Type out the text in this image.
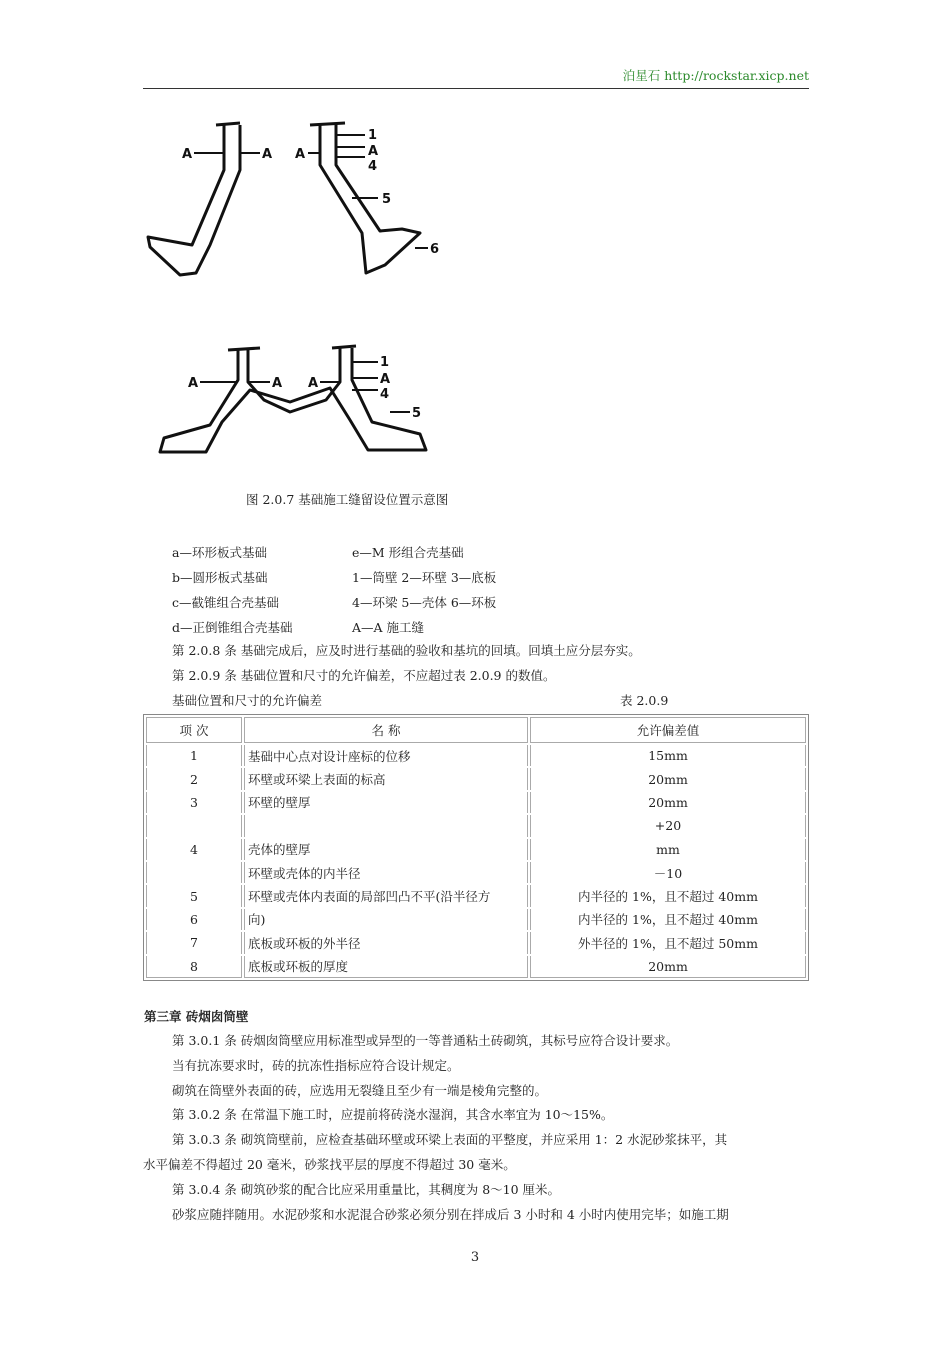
泊星石 http://rockstar.xicp.net
A	A A
1
A
4
5
6
A	A A
1
A
4
5
图 2.0.7 基础施工缝留设位置示意图
a—环形板式基础
b—圆形板式基础
c—截锥组合壳基础
d—正倒锥组合壳基础
e—M 形组合壳基础
1—筒壁 2—环壁 3—底板
4—环梁 5—壳体 6—环板
A—A 施工缝
第 2.0.8 条 基础完成后，应及时进行基础的验收和基坑的回填。回填土应分层夯实。
第 2.0.9 条 基础位置和尺寸的允许偏差，不应超过表 2.0.9 的数值。
基础位置和尺寸的允许偏差	表 2.0.9
项 次	名 称	允许偏差值
1	基础中心点对设计座标的位移	15mm
2	环壁或环梁上表面的标高	20mm
3	环壁的壁厚	20mm
		+20
4	壳体的壁厚	mm
	环壁或壳体的内半径	－10
5	环壁或壳体内表面的局部凹凸不平(沿半径方	内半径的 1%，且不超过 40mm
6	向)	内半径的 1%，且不超过 40mm
7	底板或环板的外半径	外半径的 1%，且不超过 50mm
8	底板或环板的厚度	20mm
第三章 砖烟囱筒壁
第 3.0.1 条 砖烟囱筒壁应用标准型或异型的一等普通粘土砖砌筑，其标号应符合设计要求。
当有抗冻要求时，砖的抗冻性指标应符合设计规定。
砌筑在筒壁外表面的砖，应选用无裂缝且至少有一端是棱角完整的。
第 3.0.2 条 在常温下施工时，应提前将砖浇水湿润，其含水率宜为 10～15%。
第 3.0.3 条 砌筑筒壁前，应检查基础环壁或环梁上表面的平整度，并应采用 1：2 水泥砂浆抹平，其
水平偏差不得超过 20 毫米，砂浆找平层的厚度不得超过 30 毫米。
第 3.0.4 条 砌筑砂浆的配合比应采用重量比，其稠度为 8～10 厘米。
砂浆应随拌随用。水泥砂浆和水泥混合砂浆必须分别在拌成后 3 小时和 4 小时内使用完毕；如施工期
3
